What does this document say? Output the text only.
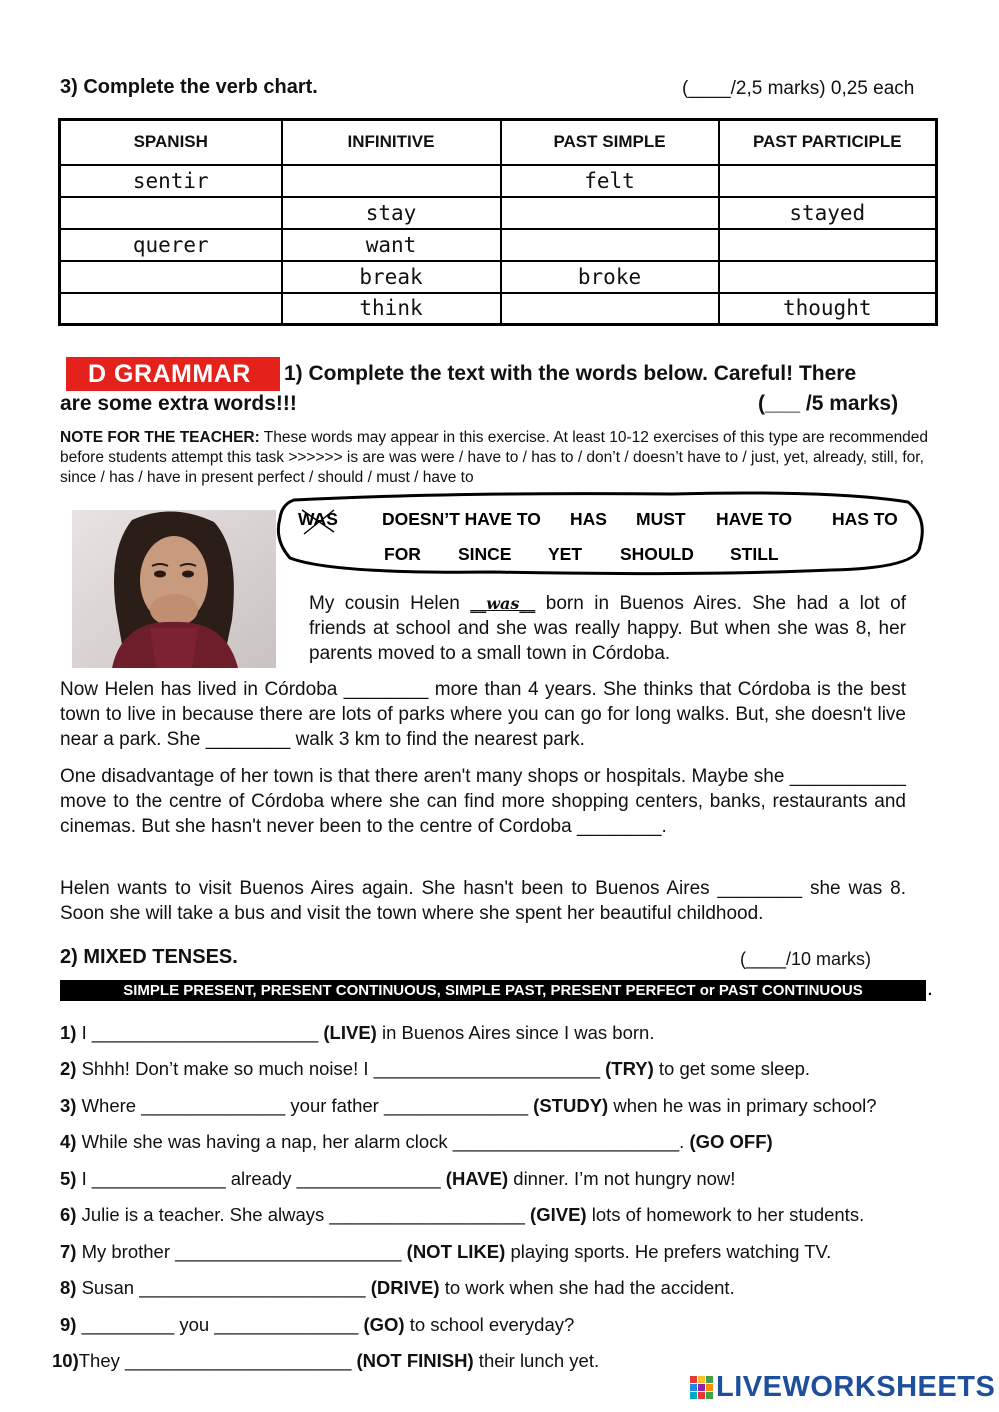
3) Complete the verb chart.	(____/2,5 marks) 0,25 each
SPANISH	INFINITIVE	PAST SIMPLE	PAST PARTICIPLE
sentir		felt	
	stay		stayed
querer	want		
	break	broke	
	think		thought
D GRAMMAR	1) Complete the text with the words below. Careful! There
are some extra words!!!	(___ /5 marks)
NOTE FOR THE TEACHER: These words may appear in this exercise. At least 10-12 exercises of this type are recommended before students attempt this task >>>>>> is are was were / have to / has to / don’t / doesn’t have to / just, yet, already, still, for, since / has / have in present perfect / should / must / have to
WAS	DOESN’T HAVE TO HAS MUST HAVE TO HAS TO
FOR SINCE YET SHOULD STILL
My cousin Helen __was__ born in Buenos Aires. She had a lot of friends at school and she was really happy. But when she was 8, her parents moved to a small town in Córdoba.
Now Helen has lived in Córdoba ________ more than 4 years. She thinks that Córdoba is the best town to live in because there are lots of parks where you can go for long walks. But, she doesn't live near a park. She ________ walk 3 km to find the nearest park.
One disadvantage of her town is that there aren't many shops or hospitals. Maybe she ___________ move to the centre of Córdoba where she can find more shopping centers, banks, restaurants and cinemas. But she hasn't never been to the centre of Cordoba ________.
Helen wants to visit Buenos Aires again. She hasn't been to Buenos Aires ________ she was 8. Soon she will take a bus and visit the town where she spent her beautiful childhood.
2) MIXED TENSES.	(____/10 marks)
SIMPLE PRESENT, PRESENT CONTINUOUS, SIMPLE PAST, PRESENT PERFECT or PAST CONTINUOUS	.
1) I ______________________ (LIVE) in Buenos Aires since I was born.
2) Shhh! Don’t make so much noise! I ______________________ (TRY) to get some sleep.
3) Where ______________ your father ______________ (STUDY) when he was in primary school?
4) While she was having a nap, her alarm clock ______________________. (GO OFF)
5) I _____________ already ______________ (HAVE) dinner. I’m not hungry now!
6) Julie is a teacher. She always ___________________ (GIVE) lots of homework to her students.
7) My brother ______________________ (NOT LIKE) playing sports. He prefers watching TV.
8) Susan ______________________ (DRIVE) to work when she had the accident.
9) _________ you ______________ (GO) to school everyday?
10)They ______________________ (NOT FINISH) their lunch yet.
LIVEWORKSHEETS
